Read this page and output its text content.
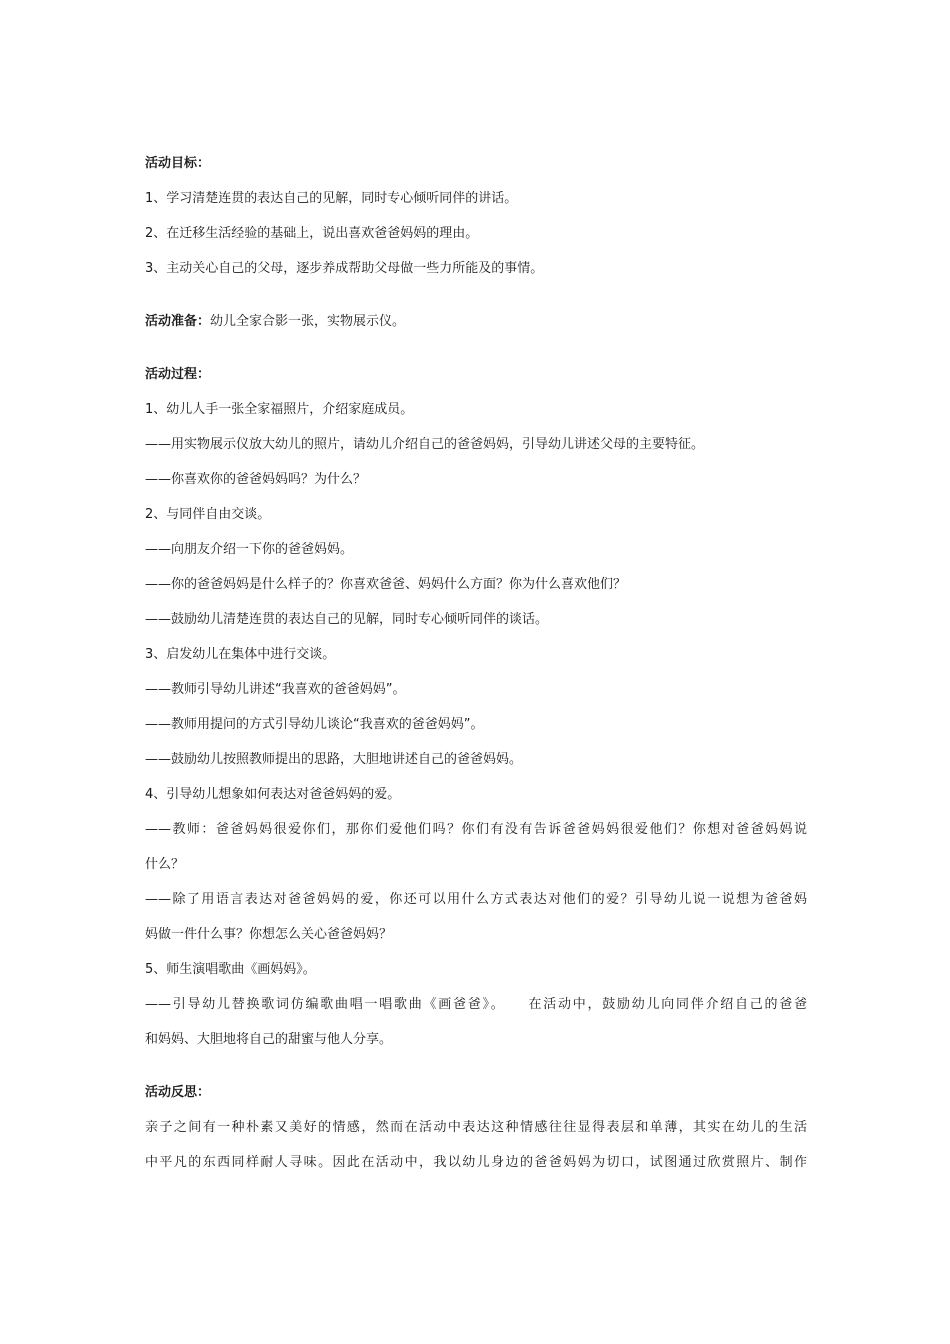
活动目标：
1、学习清楚连贯的表达自己的见解，同时专心倾听同伴的讲话。
2、在迁移生活经验的基础上，说出喜欢爸爸妈妈的理由。
3、主动关心自己的父母，逐步养成帮助父母做一些力所能及的事情。
活动准备：幼儿全家合影一张，实物展示仪。
活动过程：
1、幼儿人手一张全家福照片，介绍家庭成员。
——用实物展示仪放大幼儿的照片，请幼儿介绍自己的爸爸妈妈，引导幼儿讲述父母的主要特征。
——你喜欢你的爸爸妈妈吗？为什么？
2、与同伴自由交谈。
——向朋友介绍一下你的爸爸妈妈。
——你的爸爸妈妈是什么样子的？你喜欢爸爸、妈妈什么方面？你为什么喜欢他们？
——鼓励幼儿清楚连贯的表达自己的见解，同时专心倾听同伴的谈话。
3、启发幼儿在集体中进行交谈。
——教师引导幼儿讲述“我喜欢的爸爸妈妈”。
——教师用提问的方式引导幼儿谈论“我喜欢的爸爸妈妈”。
——鼓励幼儿按照教师提出的思路，大胆地讲述自己的爸爸妈妈。
4、引导幼儿想象如何表达对爸爸妈妈的爱。
——教师：爸爸妈妈很爱你们，那你们爱他们吗？你们有没有告诉爸爸妈妈很爱他们？你想对爸爸妈妈说
什么？
——除了用语言表达对爸爸妈妈的爱，你还可以用什么方式表达对他们的爱？引导幼儿说一说想为爸爸妈
妈做一件什么事？你想怎么关心爸爸妈妈？
5、师生演唱歌曲《画妈妈》。
——引导幼儿替换歌词仿编歌曲唱一唱歌曲《画爸爸》。　　在活动中，鼓励幼儿向同伴介绍自己的爸爸
和妈妈、大胆地将自己的甜蜜与他人分享。
活动反思：
亲子之间有一种朴素又美好的情感，然而在活动中表达这种情感往往显得表层和单薄，其实在幼儿的生活
中平凡的东西同样耐人寻味。因此在活动中，我以幼儿身边的爸爸妈妈为切口，试图通过欣赏照片、制作
